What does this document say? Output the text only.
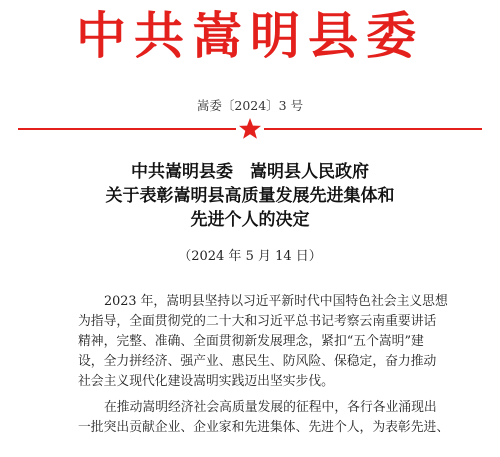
中共嵩明县委
嵩委〔2024〕3 号
中共嵩明县委　嵩明县人民政府
关于表彰嵩明县高质量发展先进集体和
先进个人的决定
（2024 年 5 月 14 日）
2023 年，嵩明县坚持以习近平新时代中国特色社会主义思想
为指导，全面贯彻党的二十大和习近平总书记考察云南重要讲话
精神，完整、准确、全面贯彻新发展理念，紧扣“五个嵩明”建
设，全力拼经济、强产业、惠民生、防风险、保稳定，奋力推动
社会主义现代化建设嵩明实践迈出坚实步伐。
在推动嵩明经济社会高质量发展的征程中，各行各业涌现出
一批突出贡献企业、企业家和先进集体、先进个人，为表彰先进、
